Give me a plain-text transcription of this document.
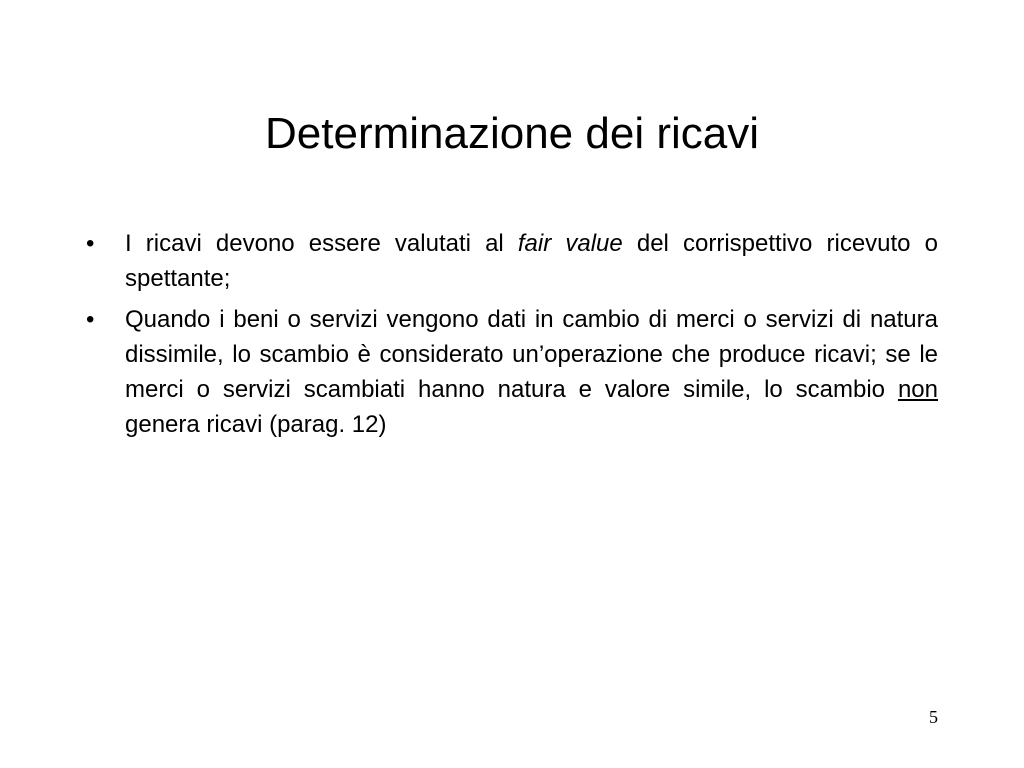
Determinazione dei ricavi
•	I ricavi devono essere valutati al fair value del corrispettivo ricevuto o spettante;
•	Quando i beni o servizi vengono dati in cambio di merci o servizi di natura dissimile, lo scambio è considerato un’operazione che produce ricavi; se le merci o servizi scambiati hanno natura e valore simile, lo scambio non genera ricavi (parag. 12)
5
